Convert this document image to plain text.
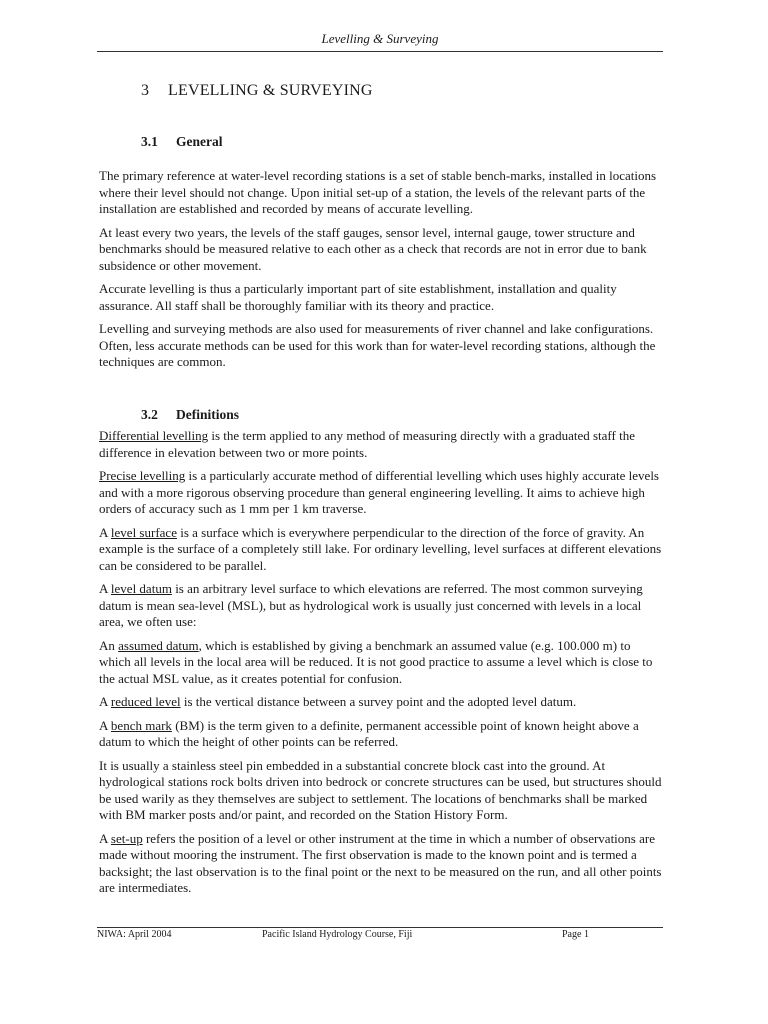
Levelling & Surveying
3 LEVELLING & SURVEYING
3.1 General

The primary reference at water-level recording stations is a set of stable bench-marks, installed in locations where their level should not change. Upon initial set-up of a station, the levels of the relevant parts of the installation are established and recorded by means of accurate levelling.

At least every two years, the levels of the staff gauges, sensor level, internal gauge, tower structure and benchmarks should be measured relative to each other as a check that records are not in error due to bank subsidence or other movement.

Accurate levelling is thus a particularly important part of site establishment, installation and quality assurance. All staff shall be thoroughly familiar with its theory and practice.

Levelling and surveying methods are also used for measurements of river channel and lake configurations. Often, less accurate methods can be used for this work than for water-level recording stations, although the techniques are common.

3.2 Definitions

Differential levelling is the term applied to any method of measuring directly with a graduated staff the difference in elevation between two or more points.

Precise levelling is a particularly accurate method of differential levelling which uses highly accurate levels and with a more rigorous observing procedure than general engineering levelling. It aims to achieve high orders of accuracy such as 1 mm per 1 km traverse.

A level surface is a surface which is everywhere perpendicular to the direction of the force of gravity. An example is the surface of a completely still lake. For ordinary levelling, level surfaces at different elevations can be considered to be parallel.

A level datum is an arbitrary level surface to which elevations are referred. The most common surveying datum is mean sea-level (MSL), but as hydrological work is usually just concerned with levels in a local area, we often use:

An assumed datum, which is established by giving a benchmark an assumed value (e.g. 100.000 m) to which all levels in the local area will be reduced. It is not good practice to assume a level which is close to the actual MSL value, as it creates potential for confusion.

A reduced level is the vertical distance between a survey point and the adopted level datum.

A bench mark (BM) is the term given to a definite, permanent accessible point of known height above a datum to which the height of other points can be referred.

It is usually a stainless steel pin embedded in a substantial concrete block cast into the ground. At hydrological stations rock bolts driven into bedrock or concrete structures can be used, but structures should be used warily as they themselves are subject to settlement. The locations of benchmarks shall be marked with BM marker posts and/or paint, and recorded on the Station History Form.

A set-up refers the position of a level or other instrument at the time in which a number of observations are made without mooring the instrument. The first observation is made to the known point and is termed a backsight; the last observation is to the final point or the next to be measured on the run, and all other points are intermediates.

NIWA: April 2004	Pacific Island Hydrology Course, Fiji	Page 1
